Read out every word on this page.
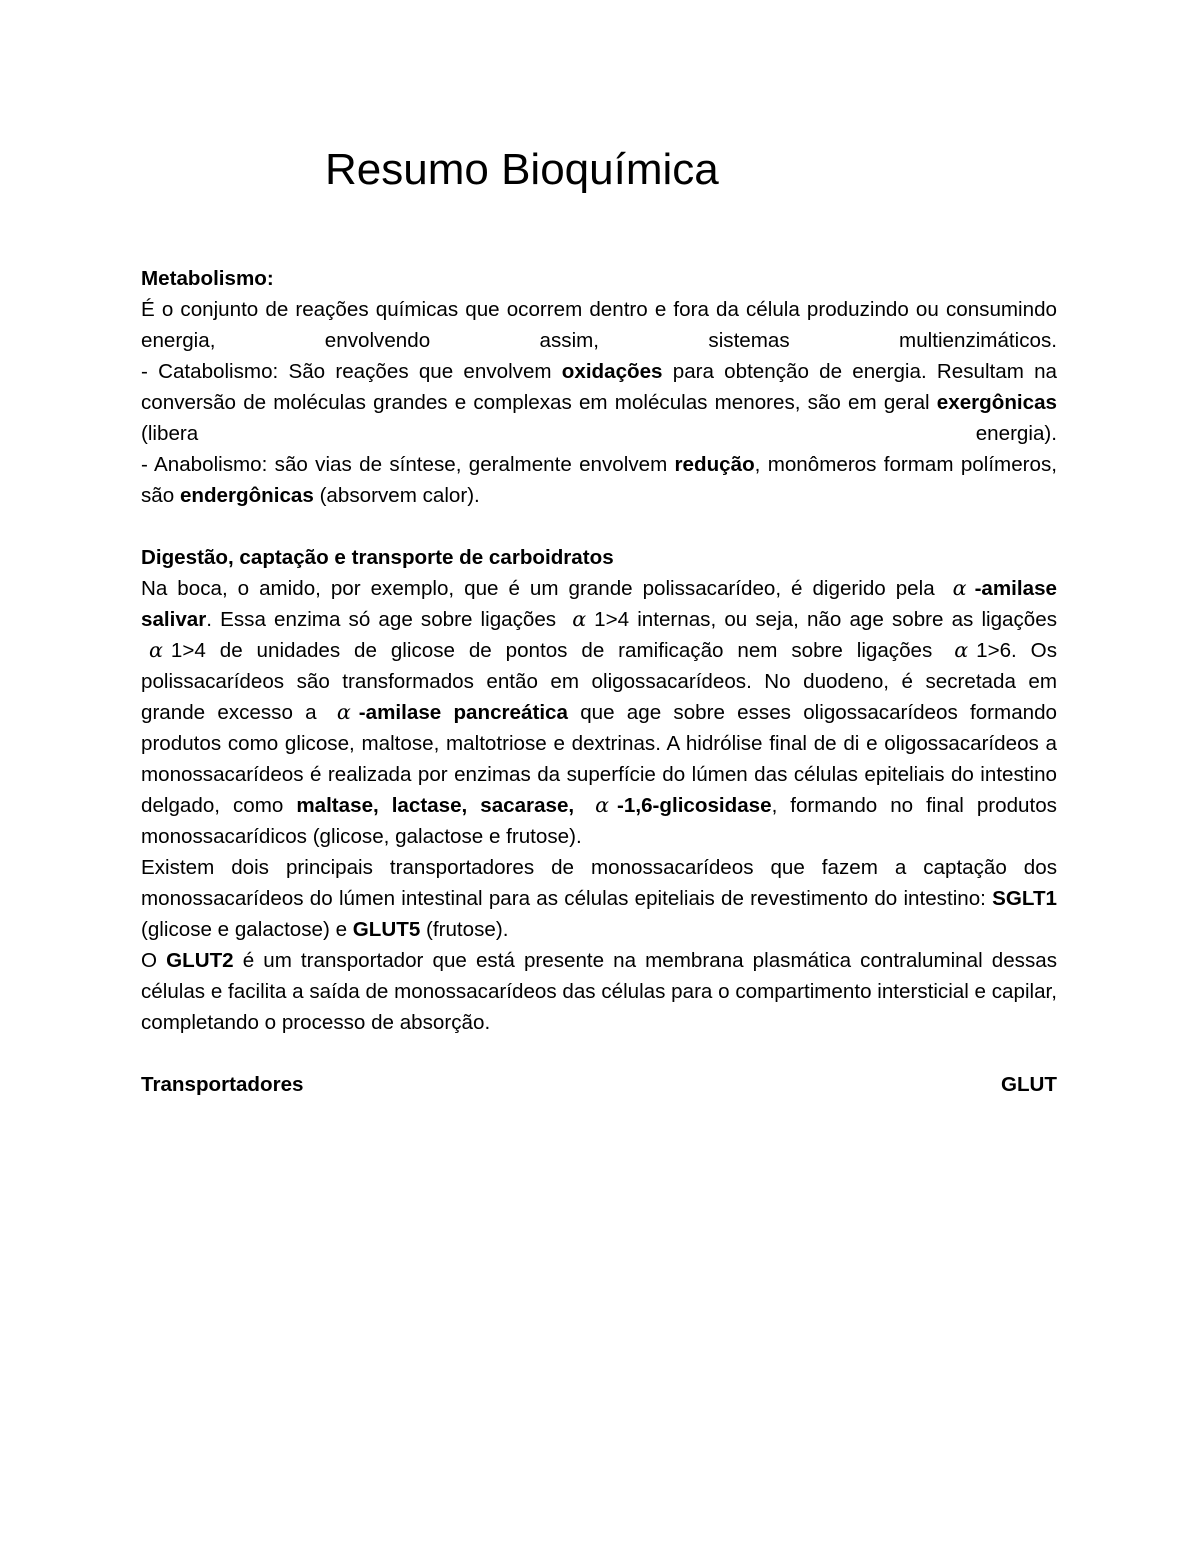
Resumo Bioquímica

Metabolismo:

É o conjunto de reações químicas que ocorrem dentro e fora da célula produzindo ou consumindo energia, envolvendo assim, sistemas multienzimáticos.

- Catabolismo: São reações que envolvem oxidações para obtenção de energia. Resultam na conversão de moléculas grandes e complexas em moléculas menores, são em geral exergônicas (libera energia).

- Anabolismo: são vias de síntese, geralmente envolvem redução, monômeros formam polímeros, são endergônicas (absorvem calor).

Digestão, captação e transporte de carboidratos

Na boca, o amido, por exemplo, que é um grande polissacarídeo, é digerido pela α -amilase salivar. Essa enzima só age sobre ligações α 1>4 internas, ou seja, não age sobre as ligações α 1>4 de unidades de glicose de pontos de ramificação nem sobre ligações α 1>6. Os polissacarídeos são transformados então em oligossacarídeos. No duodeno, é secretada em grande excesso a α -amilase pancreática que age sobre esses oligossacarídeos formando produtos como glicose, maltose, maltotriose e dextrinas. A hidrólise final de di e oligossacarídeos a monossacarídeos é realizada por enzimas da superfície do lúmen das células epiteliais do intestino delgado, como maltase, lactase, sacarase, α -1,6-glicosidase, formando no final produtos monossacarídicos (glicose, galactose e frutose).

Existem dois principais transportadores de monossacarídeos que fazem a captação dos monossacarídeos do lúmen intestinal para as células epiteliais de revestimento do intestino: SGLT1 (glicose e galactose) e GLUT5 (frutose).

O GLUT2 é um transportador que está presente na membrana plasmática contraluminal dessas células e facilita a saída de monossacarídeos das células para o compartimento intersticial e capilar, completando o processo de absorção.

Transportadores	GLUT
